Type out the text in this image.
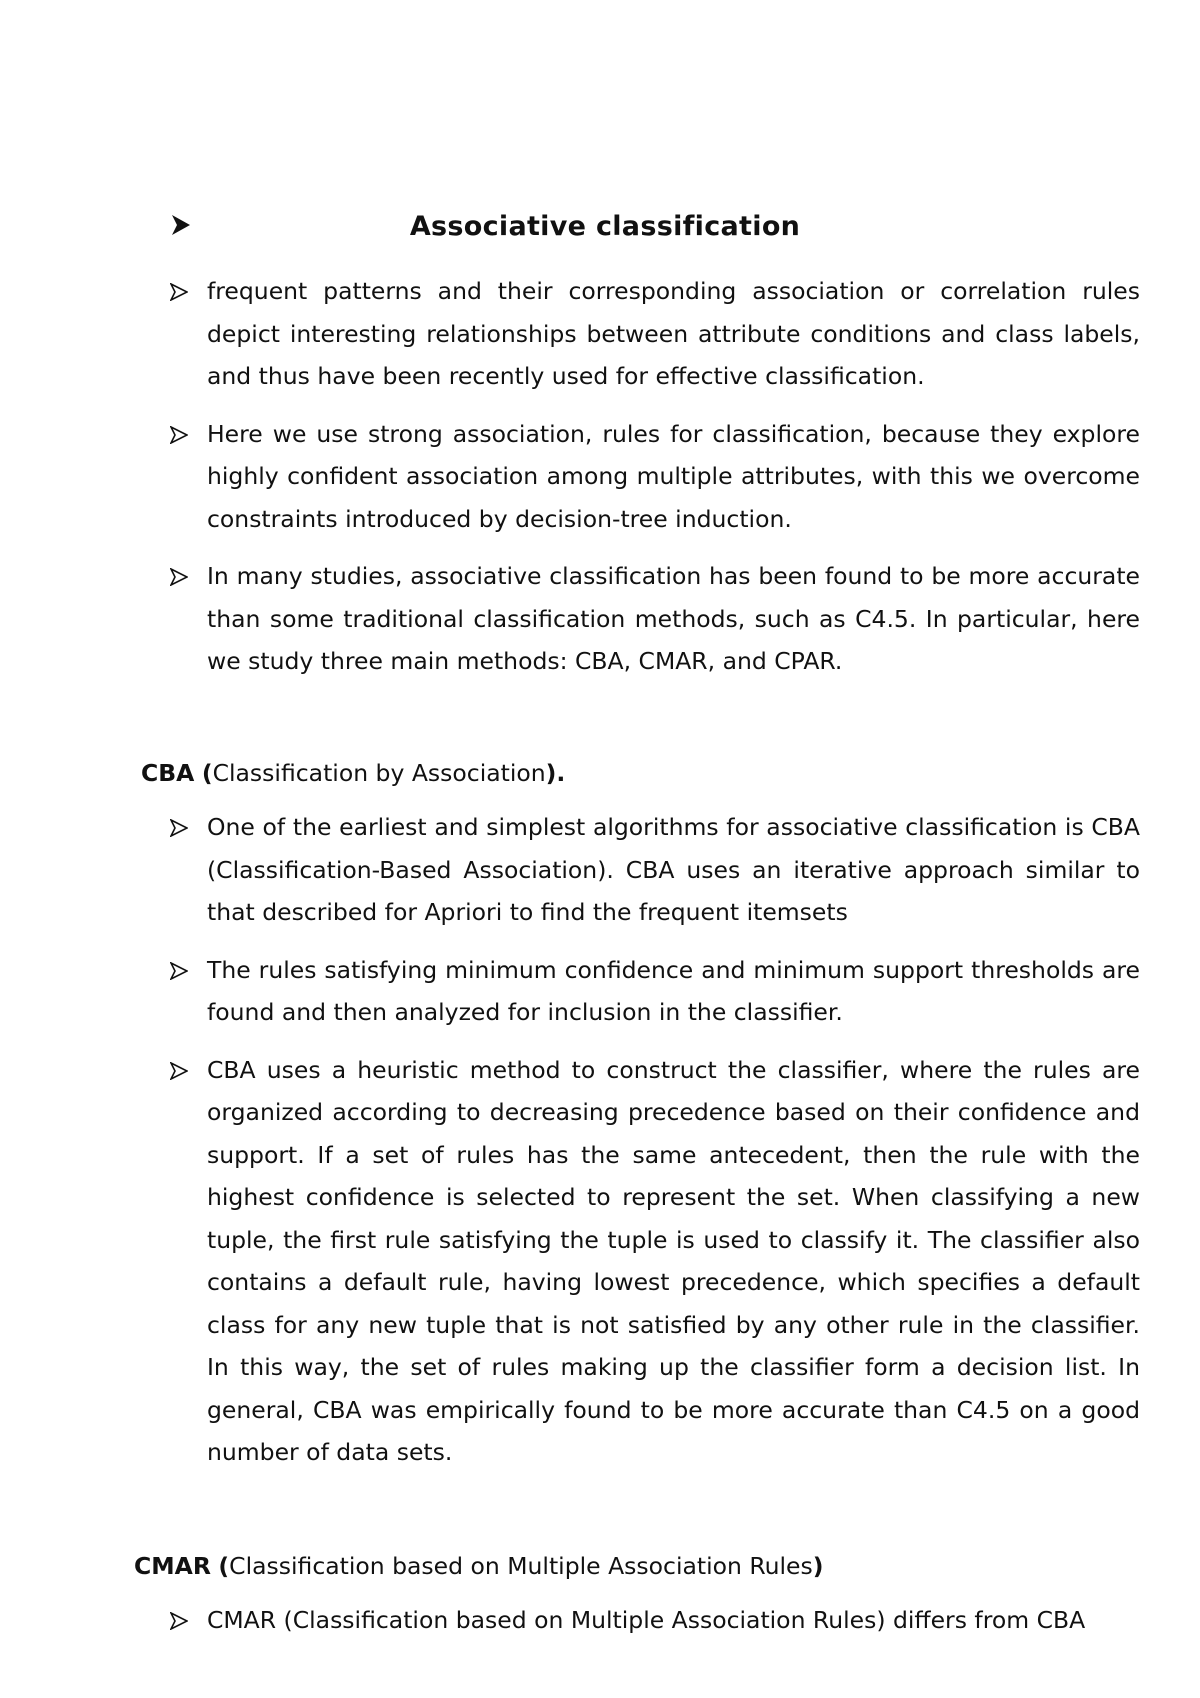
Associative classification
frequent patterns and their corresponding association or correlation rules depict interesting relationships between attribute conditions and class labels, and thus have been recently used for effective classification.
Here we use strong association, rules for classification, because they explore highly confident association among multiple attributes, with this we overcome constraints introduced by decision-tree induction.
In many studies, associative classification has been found to be more accurate than some traditional classification methods, such as C4.5. In particular, here we study three main methods: CBA, CMAR, and CPAR.
CBA (Classification by Association).
One of the earliest and simplest algorithms for associative classification is CBA (Classification-Based Association). CBA uses an iterative approach similar to that described for Apriori to find the frequent itemsets
The rules satisfying minimum confidence and minimum support thresholds are found and then analyzed for inclusion in the classifier.
CBA uses a heuristic method to construct the classifier, where the rules are organized according to decreasing precedence based on their confidence and support. If a set of rules has the same antecedent, then the rule with the highest confidence is selected to represent the set. When classifying a new tuple, the first rule satisfying the tuple is used to classify it. The classifier also contains a default rule, having lowest precedence, which specifies a default class for any new tuple that is not satisfied by any other rule in the classifier. In this way, the set of rules making up the classifier form a decision list. In general, CBA was empirically found to be more accurate than C4.5 on a good number of data sets.
CMAR (Classification based on Multiple Association Rules)
CMAR (Classification based on Multiple Association Rules) differs from CBA
